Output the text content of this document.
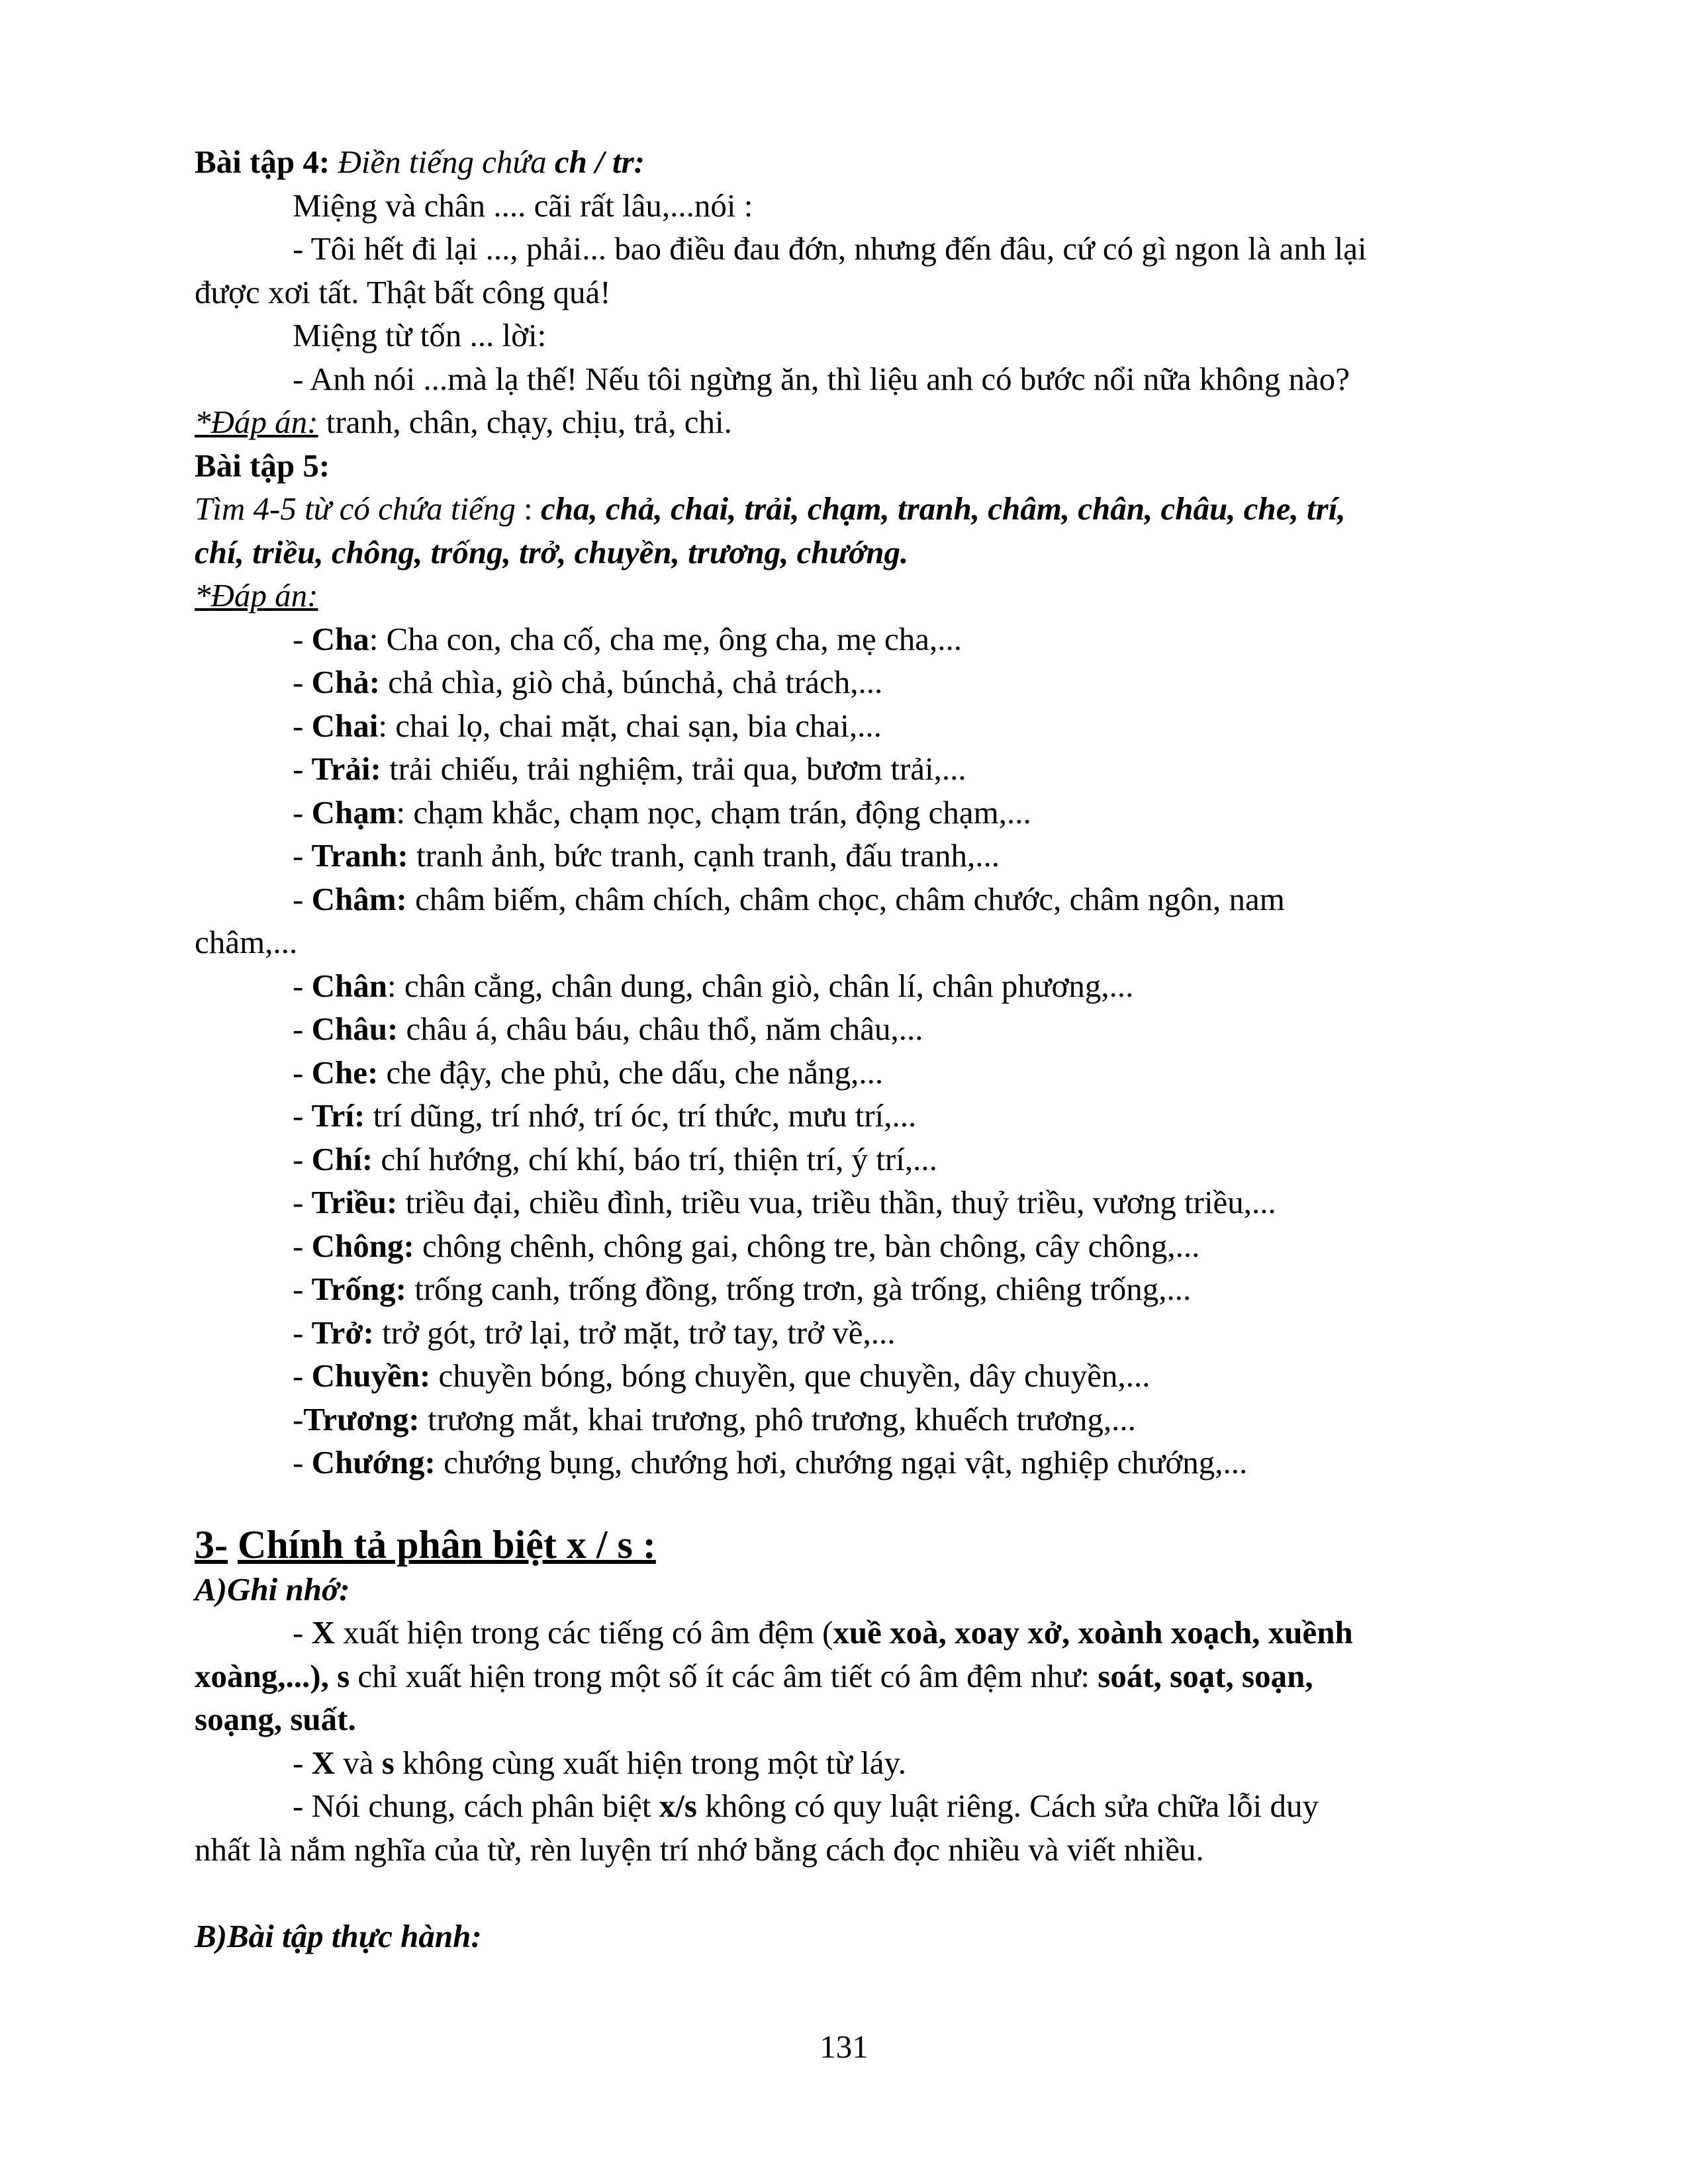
Bài tập 4: Điền tiếng chứa ch / tr:
Miệng và chân .... cãi rất lâu,...nói :
- Tôi hết đi lại ..., phải... bao điều đau đớn, nhưng đến đâu, cứ có gì ngon là anh lại
được xơi tất. Thật bất công quá!
Miệng từ tốn ... lời:
- Anh nói ...mà lạ thế! Nếu tôi ngừng ăn, thì liệu anh có bước nổi nữa không nào?
*Đáp án: tranh, chân, chạy, chịu, trả, chi.
Bài tập 5:
Tìm 4-5 từ có chứa tiếng : cha, chả, chai, trải, chạm, tranh, châm, chân, châu, che, trí,
chí, triều, chông, trống, trở, chuyền, trương, chướng.
*Đáp án:
- Cha: Cha con, cha cố, cha mẹ, ông cha, mẹ cha,...
- Chả: chả chìa, giò chả, búnchả, chả trách,...
- Chai: chai lọ, chai mặt, chai sạn, bia chai,...
- Trải: trải chiếu, trải nghiệm, trải qua, bươm trải,...
- Chạm: chạm khắc, chạm nọc, chạm trán, động chạm,...
- Tranh: tranh ảnh, bức tranh, cạnh tranh, đấu tranh,...
- Châm: châm biếm, châm chích, châm chọc, châm chước, châm ngôn, nam
châm,...
- Chân: chân cẳng, chân dung, chân giò, chân lí, chân phương,...
- Châu: châu á, châu báu, châu thổ, năm châu,...
- Che: che đậy, che phủ, che dấu, che nắng,...
- Trí: trí dũng, trí nhớ, trí óc, trí thức, mưu trí,...
- Chí: chí hướng, chí khí, báo trí, thiện trí, ý trí,...
- Triều: triều đại, chiều đình, triều vua, triều thần, thuỷ triều, vương triều,...
- Chông: chông chênh, chông gai, chông tre, bàn chông, cây chông,...
- Trống: trống canh, trống đồng, trống trơn, gà trống, chiêng trống,...
- Trở: trở gót, trở lại, trở mặt, trở tay, trở về,...
- Chuyền: chuyền bóng, bóng chuyền, que chuyền, dây chuyền,...
-Trương: trương mắt, khai trương, phô trương, khuếch trương,...
- Chướng: chướng bụng, chướng hơi, chướng ngại vật, nghiệp chướng,...
3- Chính tả phân biệt x / s :
A)Ghi nhớ:
- X xuất hiện trong các tiếng có âm đệm (xuề xoà, xoay xở, xoành xoạch, xuềnh
xoàng,...), s chỉ xuất hiện trong một số ít các âm tiết có âm đệm như: soát, soạt, soạn,
soạng, suất.
- X và s không cùng xuất hiện trong một từ láy.
- Nói chung, cách phân biệt x/s không có quy luật riêng. Cách sửa chữa lỗi duy
nhất là nắm nghĩa của từ, rèn luyện trí nhớ bằng cách đọc nhiều và viết nhiều.
B)Bài tập thực hành:
131
